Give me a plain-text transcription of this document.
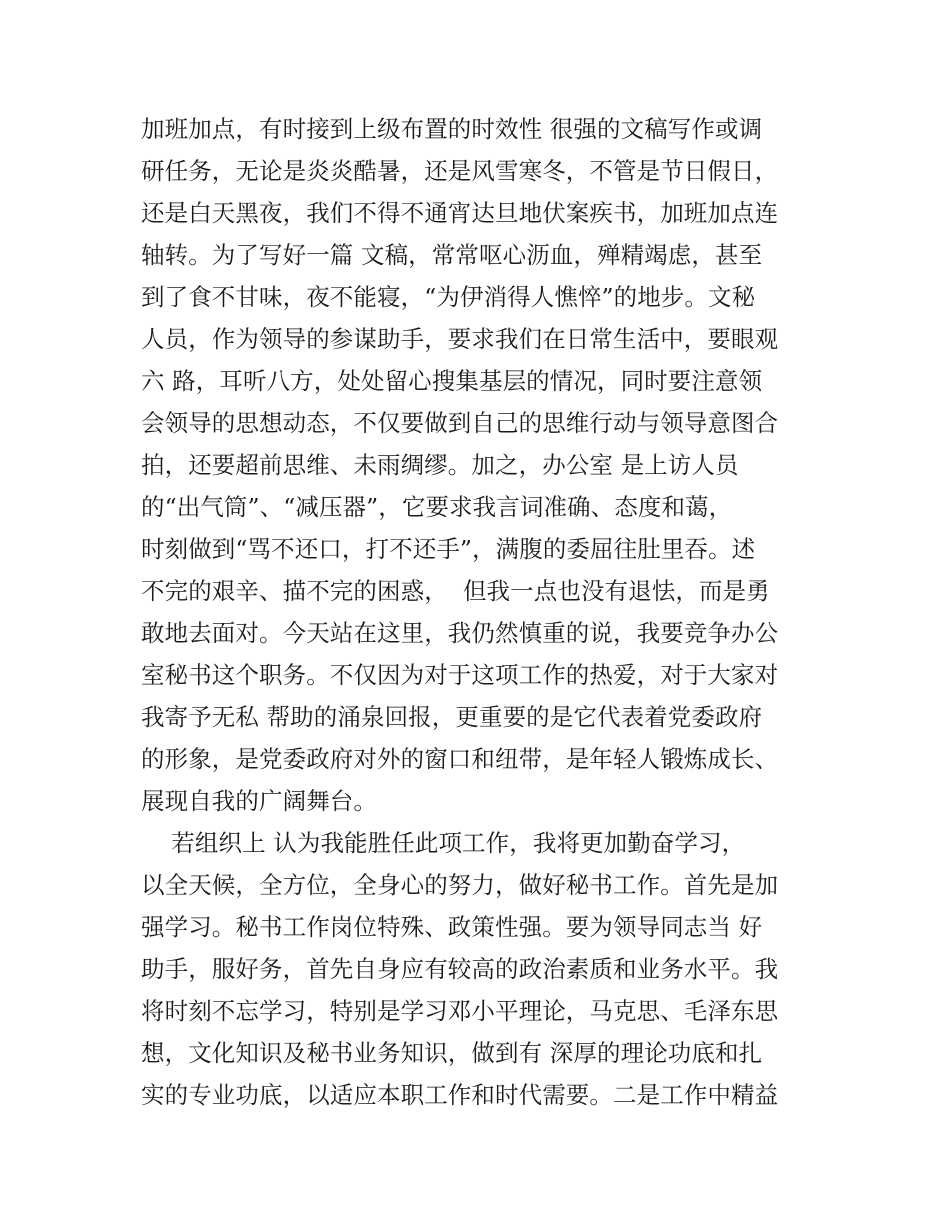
加班加点，有时接到上级布置的时效性 很强的文稿写作或调
研任务，无论是炎炎酷暑，还是风雪寒冬，不管是节日假日，
还是白天黑夜，我们不得不通宵达旦地伏案疾书，加班加点连
轴转。为了写好一篇 文稿，常常呕心沥血，殚精竭虑，甚至
到了食不甘味，夜不能寝，“为伊消得人憔悴”的地步。文秘
人员，作为领导的参谋助手，要求我们在日常生活中，要眼观
六 路，耳听八方，处处留心搜集基层的情况，同时要注意领
会领导的思想动态，不仅要做到自己的思维行动与领导意图合
拍，还要超前思维、未雨绸缪。加之，办公室 是上访人员
的“出气筒”、“减压器”，它要求我言词准确、态度和蔼，
时刻做到“骂不还口，打不还手”，满腹的委屈往肚里吞。述
不完的艰辛、描不完的困惑，  但我一点也没有退怯，而是勇
敢地去面对。今天站在这里，我仍然慎重的说，我要竞争办公
室秘书这个职务。不仅因为对于这项工作的热爱，对于大家对
我寄予无私 帮助的涌泉回报，更重要的是它代表着党委政府
的形象，是党委政府对外的窗口和纽带，是年轻人锻炼成长、
展现自我的广阔舞台。
若组织上 认为我能胜任此项工作，我将更加勤奋学习，
以全天候，全方位，全身心的努力，做好秘书工作。首先是加
强学习。秘书工作岗位特殊、政策性强。要为领导同志当 好
助手，服好务，首先自身应有较高的政治素质和业务水平。我
将时刻不忘学习，特别是学习邓小平理论，马克思、毛泽东思
想，文化知识及秘书业务知识，做到有 深厚的理论功底和扎
实的专业功底，以适应本职工作和时代需要。二是工作中精益
